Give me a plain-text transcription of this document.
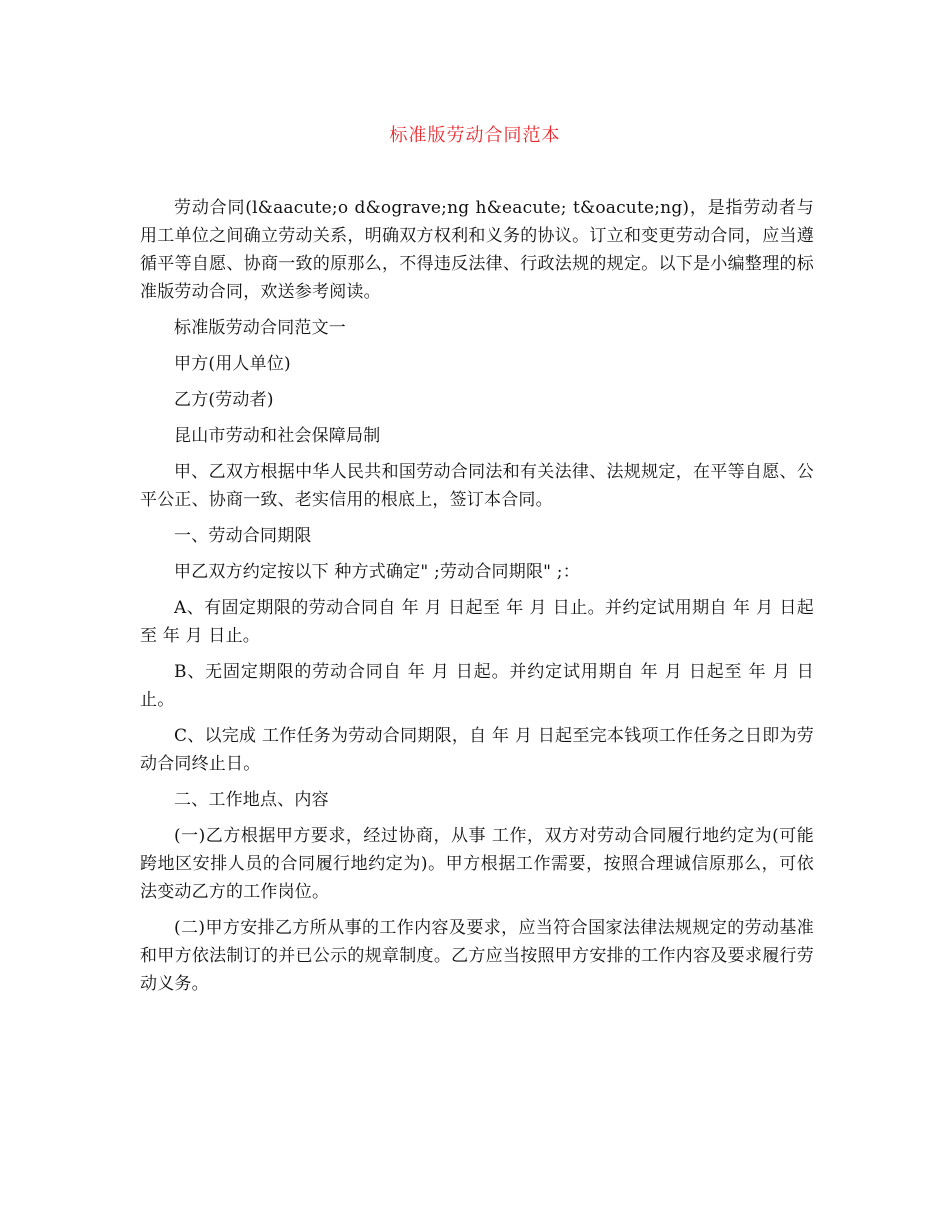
标准版劳动合同范本

劳动合同(l&aacute;o d&ograve;ng h&eacute; t&oacute;ng)，是指劳动者与用工单位之间确立劳动关系，明确双方权利和义务的协议。订立和变更劳动合同，应当遵循平等自愿、协商一致的原那么，不得违反法律、行政法规的规定。以下是小编整理的标准版劳动合同，欢送参考阅读。

标准版劳动合同范文一

甲方(用人单位)

乙方(劳动者)

昆山市劳动和社会保障局制

甲、乙双方根据中华人民共和国劳动合同法和有关法律、法规规定，在平等自愿、公平公正、协商一致、老实信用的根底上，签订本合同。

一、劳动合同期限

甲乙双方约定按以下 种方式确定" ;劳动合同期限" ;：

A、有固定期限的劳动合同自 年 月 日起至 年 月 日止。并约定试用期自 年 月 日起至 年 月 日止。

B、无固定期限的劳动合同自 年 月 日起。并约定试用期自 年 月 日起至 年 月 日止。

C、以完成 工作任务为劳动合同期限，自 年 月 日起至完本钱项工作任务之日即为劳动合同终止日。

二、工作地点、内容

(一)乙方根据甲方要求，经过协商，从事 工作，双方对劳动合同履行地约定为(可能跨地区安排人员的合同履行地约定为)。甲方根据工作需要，按照合理诚信原那么，可依法变动乙方的工作岗位。

(二)甲方安排乙方所从事的工作内容及要求，应当符合国家法律法规规定的劳动基准和甲方依法制订的并已公示的规章制度。乙方应当按照甲方安排的工作内容及要求履行劳动义务。
